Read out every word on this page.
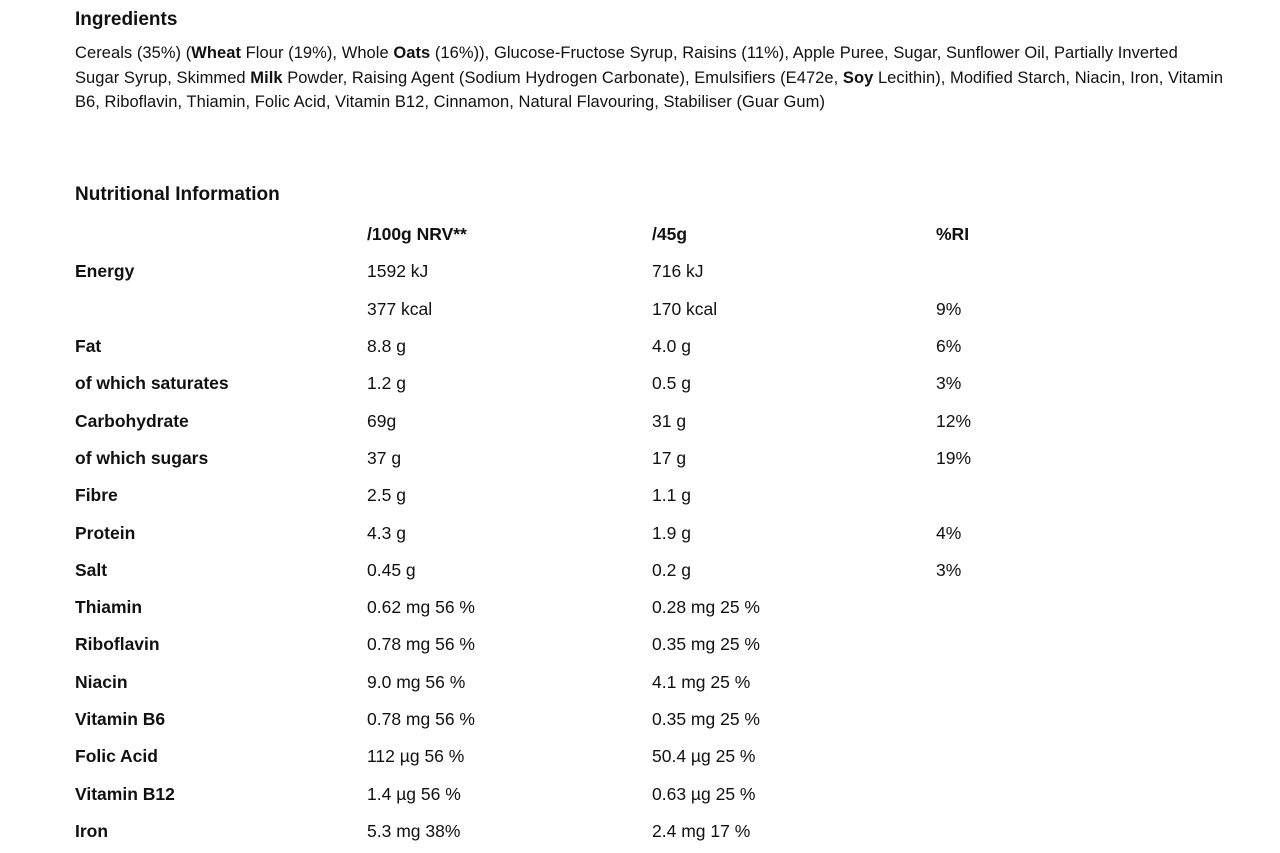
Ingredients
Cereals (35%) (Wheat Flour (19%), Whole Oats (16%)), Glucose-Fructose Syrup, Raisins (11%), Apple Puree, Sugar, Sunflower Oil, Partially Inverted Sugar Syrup, Skimmed Milk Powder, Raising Agent (Sodium Hydrogen Carbonate), Emulsifiers (E472e, Soy Lecithin), Modified Starch, Niacin, Iron, Vitamin B6, Riboflavin, Thiamin, Folic Acid, Vitamin B12, Cinnamon, Natural Flavouring, Stabiliser (Guar Gum)
Nutritional Information
	/100g NRV**	/45g	%RI
Energy	1592 kJ	716 kJ	
	377 kcal	170 kcal	9%
Fat	8.8 g	4.0 g	6%
of which saturates	1.2 g	0.5 g	3%
Carbohydrate	69g	31 g	12%
of which sugars	37 g	17 g	19%
Fibre	2.5 g	1.1 g	
Protein	4.3 g	1.9 g	4%
Salt	0.45 g	0.2 g	3%
Thiamin	0.62 mg 56 %	0.28 mg 25 %	
Riboflavin	0.78 mg 56 %	0.35 mg 25 %	
Niacin	9.0 mg 56 %	4.1 mg 25 %	
Vitamin B6	0.78 mg 56 %	0.35 mg 25 %	
Folic Acid	112 µg 56 %	50.4 µg 25 %	
Vitamin B12	1.4 µg 56 %	0.63 µg 25 %	
Iron	5.3 mg 38%	2.4 mg 17 %	
